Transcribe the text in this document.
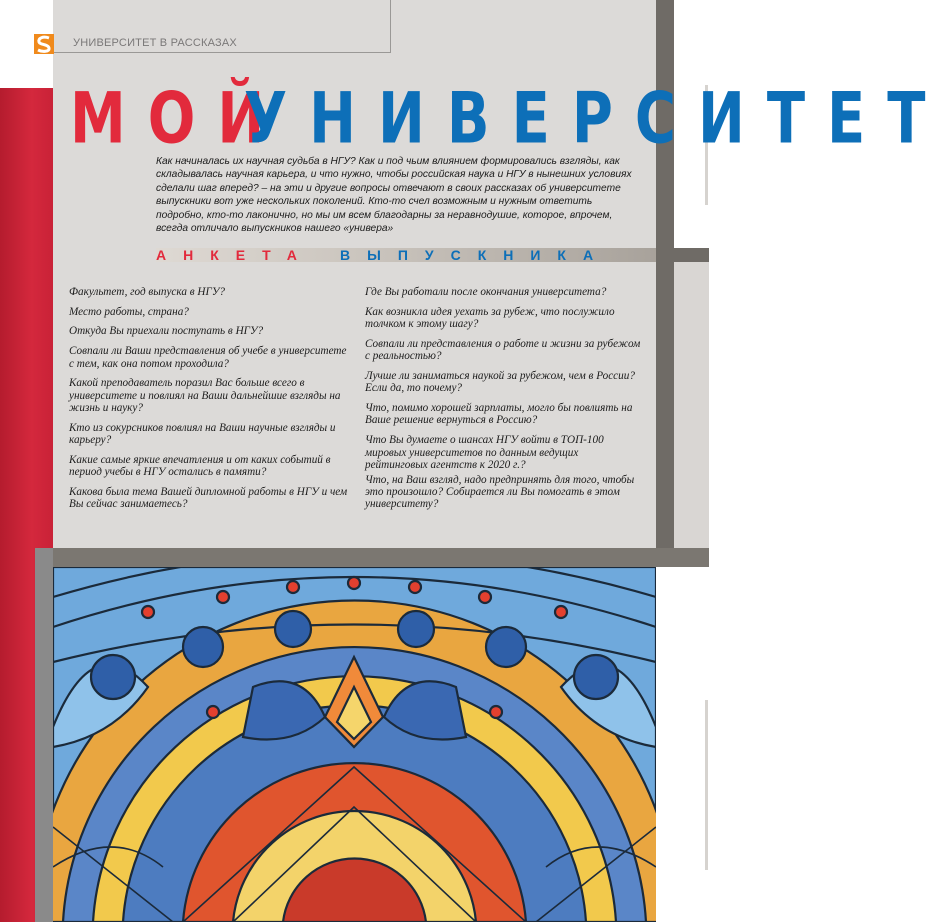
УНИВЕРСИТЕТ В РАССКАЗАХ
МОЙ
УНИВЕРСИТЕТ
Как начиналась их научная судьба в НГУ? Как и под чьим влиянием формировались взгляды, как складывалась научная карьера, и что нужно, чтобы российская наука и НГУ в нынешних условиях сделали шаг вперед? – на эти и другие вопросы отвечают в своих рассказах об университете выпускники вот уже нескольких поколений. Кто-то счел возможным и нужным ответить подробно, кто-то лаконично, но мы им всем благодарны за неравнодушие, которое, впрочем, всегда отличало выпускников нашего «универа»
АНКЕТА ВЫПУСКНИКА

Факультет, год выпуска в НГУ?

Место работы, страна?

Откуда Вы приехали поступать в НГУ?

Совпали ли Ваши представления об учебе в университете с тем, как она потом проходила?

Какой преподаватель поразил Вас больше всего в университете и повлиял на Ваши дальнейшие взгляды на жизнь и науку?

Кто из сокурсников повлиял на Ваши научные взгляды и карьеру?

Какие самые яркие впечатления и от каких событий в период учебы в НГУ остались в памяти?

Какова была тема Вашей дипломной работы в НГУ и чем Вы сейчас занимаетесь?

Где Вы работали после окончания университета?

Как возникла идея уехать за рубеж, что послужило толчком к этому шагу?

Совпали ли представления о работе и жизни за рубежом с реальностью?

Лучше ли заниматься наукой за рубежом, чем в России? Если да, то почему?

Что, помимо хорошей зарплаты, могло бы повлиять на Ваше решение вернуться в Россию?

Что Вы думаете о шансах НГУ войти в ТОП-100 мировых университетов по данным ведущих рейтинговых агентств к 2020 г.?

Что, на Ваш взгляд, надо предпринять для того, чтобы это произошло? Собирается ли Вы помогать в этом университету?
